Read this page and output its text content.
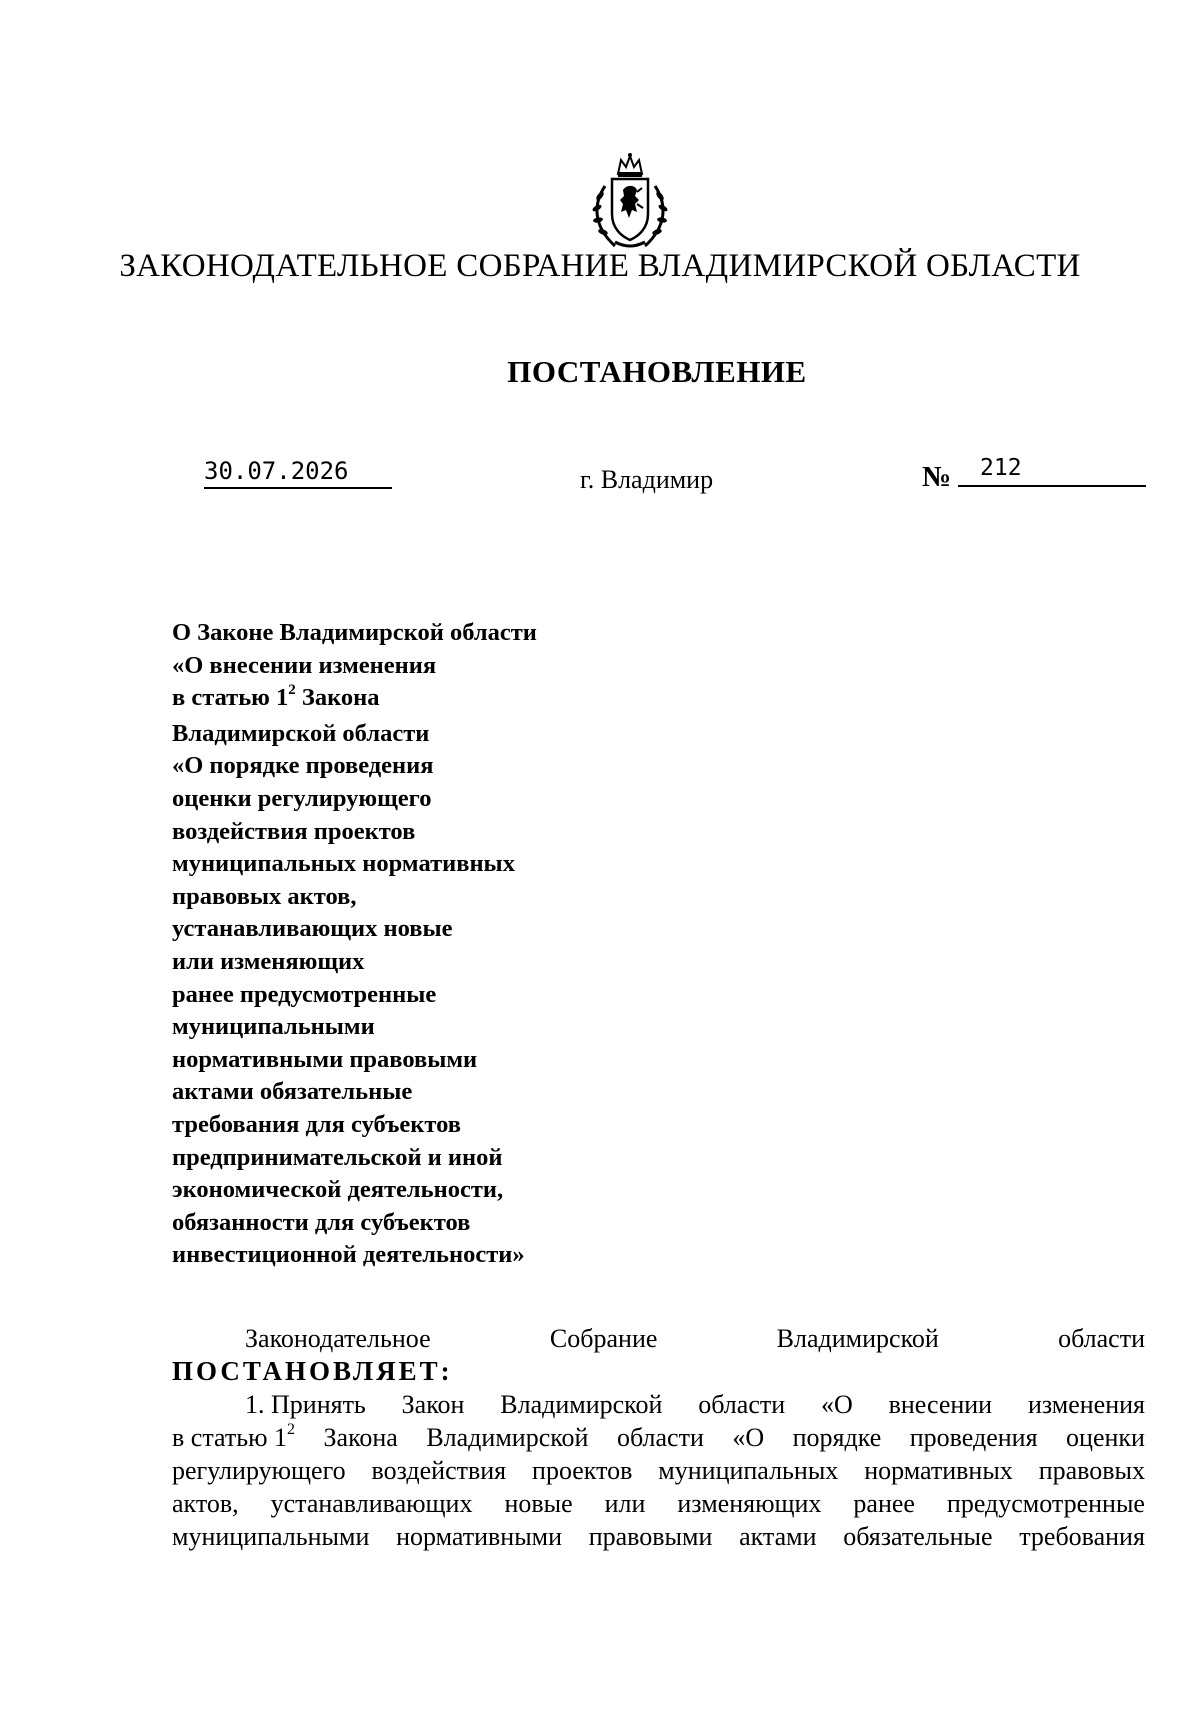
ЗАКОНОДАТЕЛЬНОЕ СОБРАНИЕ ВЛАДИМИРСКОЙ ОБЛАСТИ
ПОСТАНОВЛЕНИЕ
30.07.2026	г. Владимир	№ 212
О Законе Владимирской области
«О внесении изменения
в статью $1^2$ Закона
Владимирской области
«О порядке проведения
оценки регулирующего
воздействия проектов
муниципальных нормативных
правовых актов,
устанавливающих новые
или изменяющих
ранее предусмотренные
муниципальными
нормативными правовыми
актами обязательные
требования для субъектов
предпринимательской и иной
экономической деятельности,
обязанности для субъектов
инвестиционной деятельности»
Законодательное	Собрание	Владимирской	области
ПОСТАНОВЛЯЕТ:
1. Принять Закон Владимирской области «О внесении изменения
в статью $1^2$ Закона Владимирской области «О порядке проведения оценки
регулирующего воздействия проектов муниципальных нормативных правовых
актов, устанавливающих новые или изменяющих ранее предусмотренные
муниципальными нормативными правовыми актами обязательные требования
